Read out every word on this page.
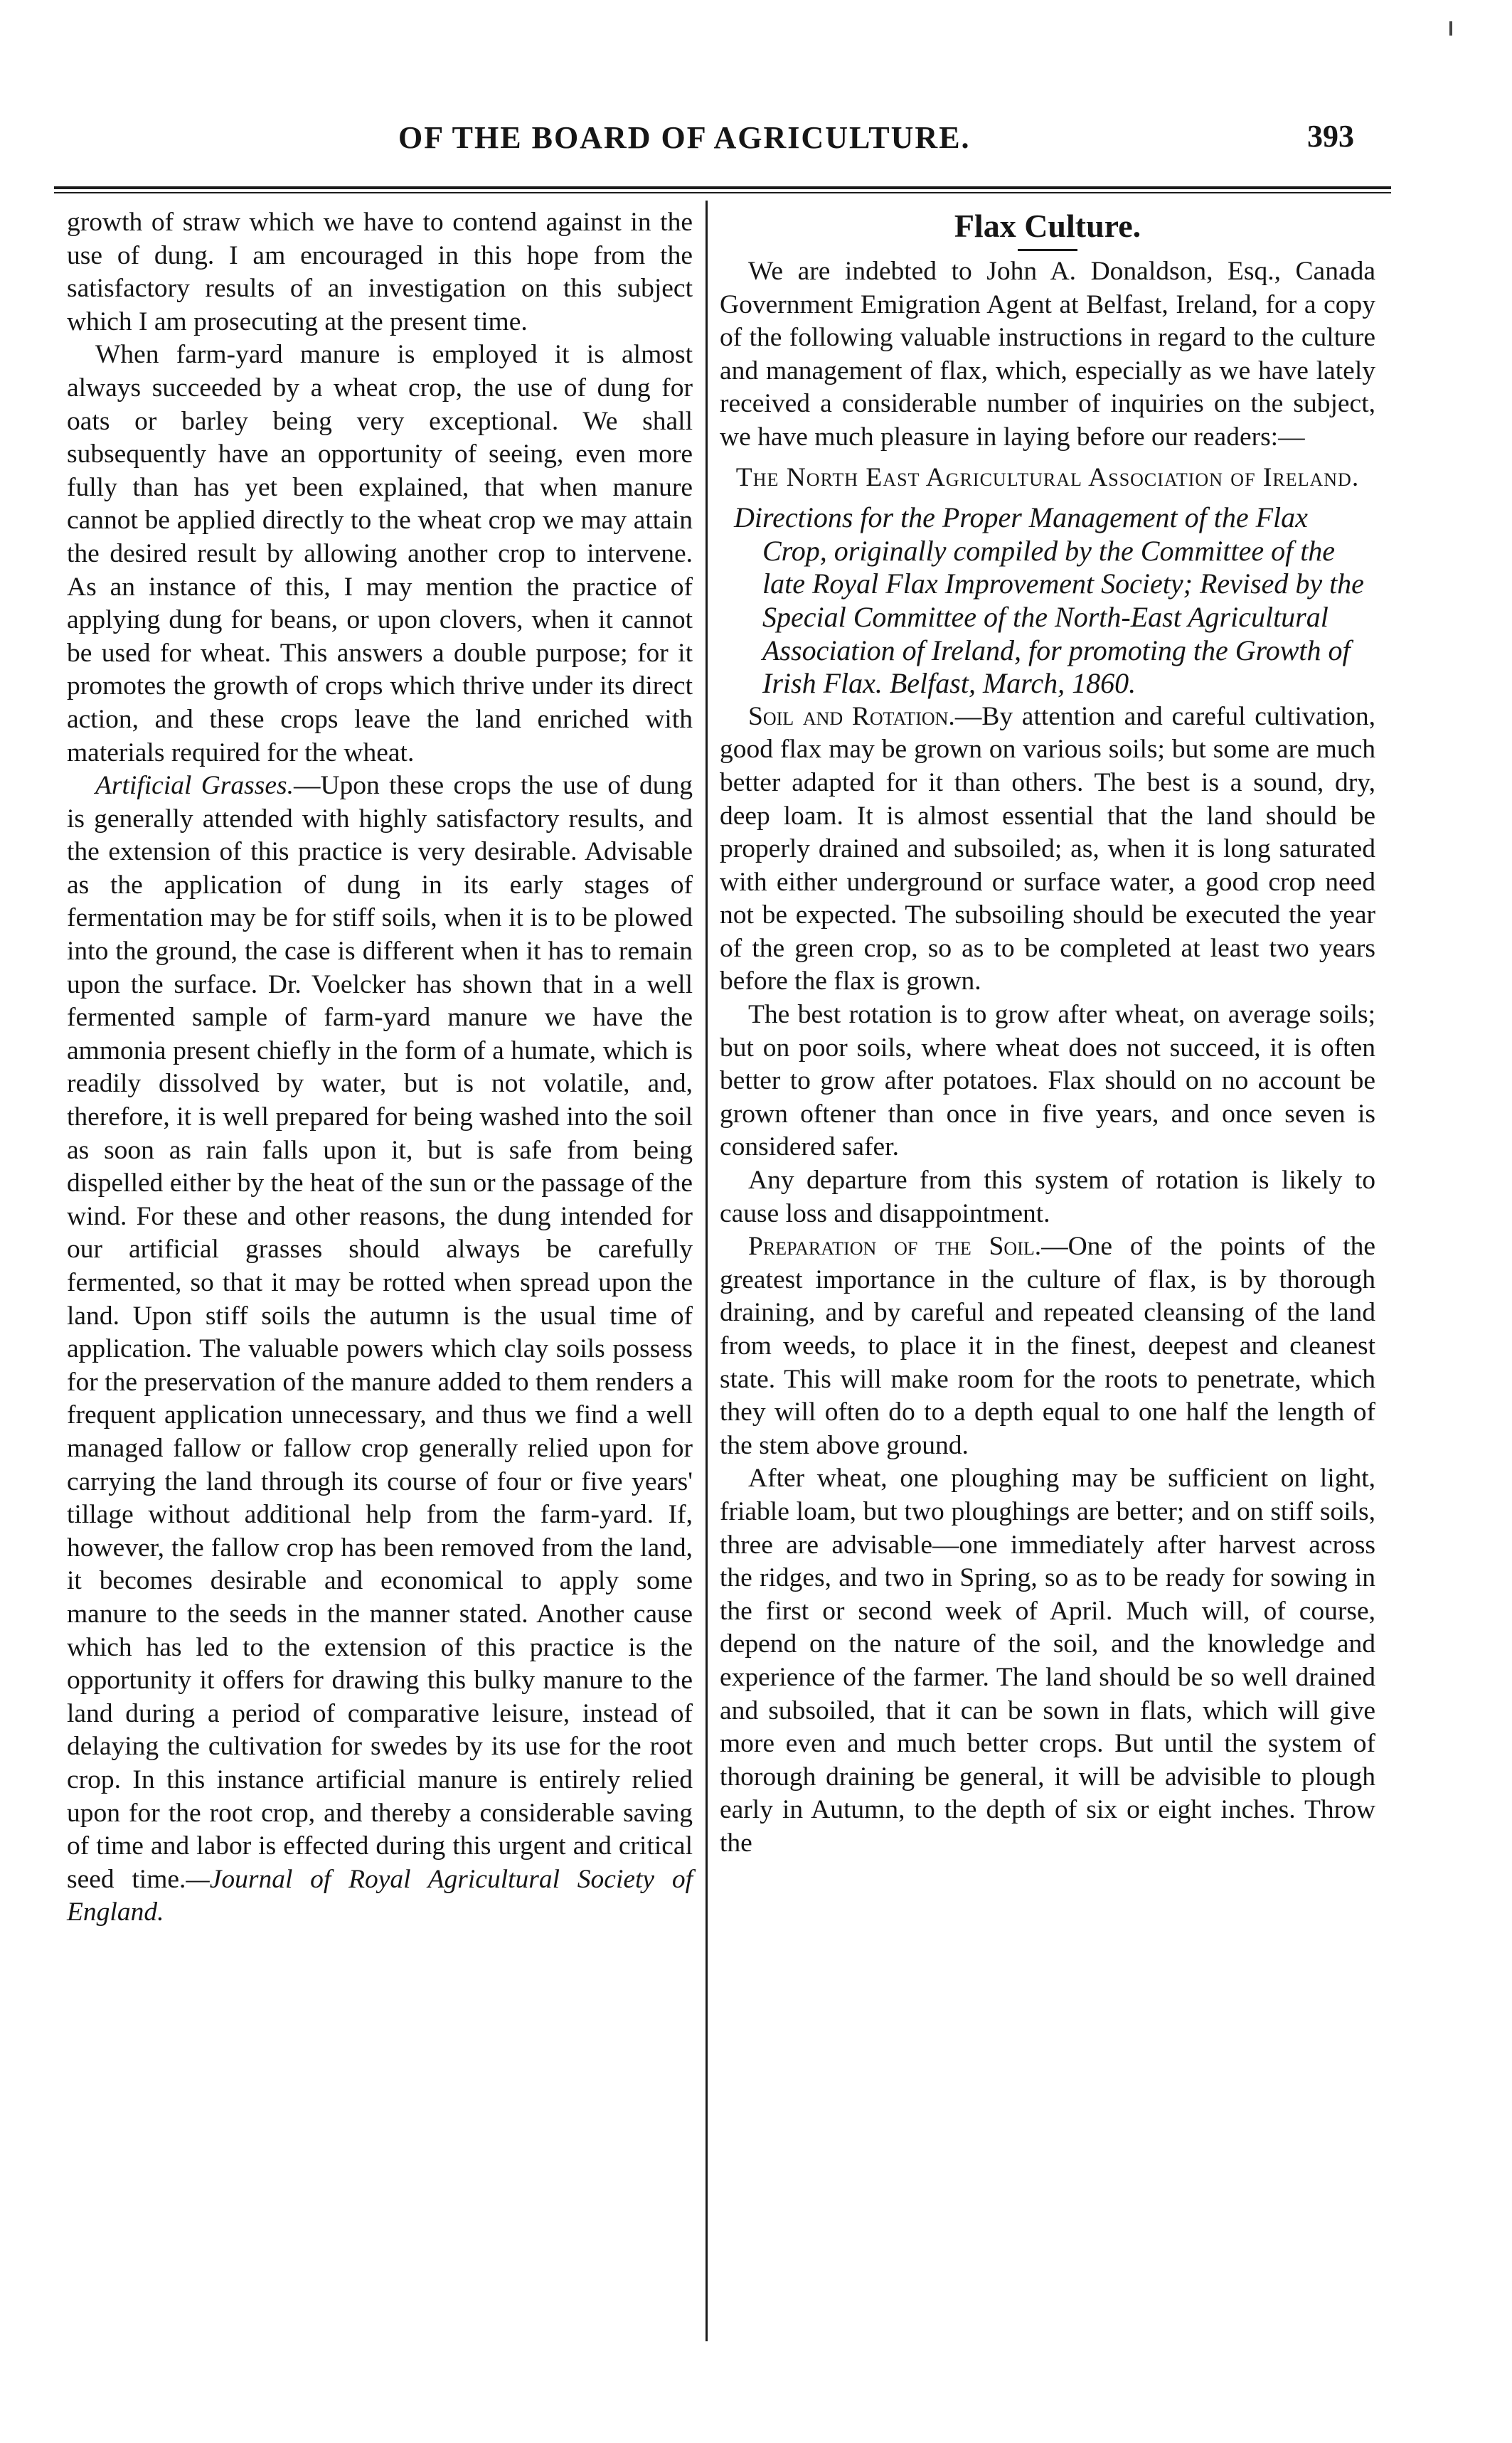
OF THE BOARD OF AGRICULTURE.	393

growth of straw which we have to contend against in the use of dung. I am encouraged in this hope from the satisfactory results of an investigation on this subject which I am prosecuting at the present time.

When farm-yard manure is employed it is almost always succeeded by a wheat crop, the use of dung for oats or barley being very exceptional. We shall subsequently have an opportunity of seeing, even more fully than has yet been explained, that when manure cannot be applied directly to the wheat crop we may attain the desired result by allowing another crop to intervene. As an instance of this, I may mention the practice of applying dung for beans, or upon clovers, when it cannot be used for wheat. This answers a double purpose; for it promotes the growth of crops which thrive under its direct action, and these crops leave the land enriched with materials required for the wheat.

Artificial Grasses.—Upon these crops the use of dung is generally attended with highly satisfactory results, and the extension of this practice is very desirable. Advisable as the application of dung in its early stages of fermentation may be for stiff soils, when it is to be plowed into the ground, the case is different when it has to remain upon the surface. Dr. Voelcker has shown that in a well fermented sample of farm-yard manure we have the ammonia present chiefly in the form of a humate, which is readily dissolved by water, but is not volatile, and, therefore, it is well prepared for being washed into the soil as soon as rain falls upon it, but is safe from being dispelled either by the heat of the sun or the passage of the wind. For these and other reasons, the dung intended for our artificial grasses should always be carefully fermented, so that it may be rotted when spread upon the land. Upon stiff soils the autumn is the usual time of application. The valuable powers which clay soils possess for the preservation of the manure added to them renders a frequent application unnecessary, and thus we find a well managed fallow or fallow crop generally relied upon for carrying the land through its course of four or five years' tillage without additional help from the farm-yard. If, however, the fallow crop has been removed from the land, it becomes desirable and economical to apply some manure to the seeds in the manner stated. Another cause which has led to the extension of this practice is the opportunity it offers for drawing this bulky manure to the land during a period of comparative leisure, instead of delaying the cultivation for swedes by its use for the root crop. In this instance artificial manure is entirely relied upon for the root crop, and thereby a considerable saving of time and labor is effected during this urgent and critical seed time.—Journal of Royal Agricultural Society of England.

Flax Culture.

We are indebted to John A. Donaldson, Esq., Canada Government Emigration Agent at Belfast, Ireland, for a copy of the following valuable instructions in regard to the culture and management of flax, which, especially as we have lately received a considerable number of inquiries on the subject, we have much pleasure in laying before our readers:—

The North East Agricultural Association of Ireland.

Directions for the Proper Management of the Flax Crop, originally compiled by the Committee of the late Royal Flax Improvement Society; Revised by the Special Committee of the North-East Agricultural Association of Ireland, for promoting the Growth of Irish Flax. Belfast, March, 1860.

Soil and Rotation.—By attention and careful cultivation, good flax may be grown on various soils; but some are much better adapted for it than others. The best is a sound, dry, deep loam. It is almost essential that the land should be properly drained and subsoiled; as, when it is long saturated with either underground or surface water, a good crop need not be expected. The subsoiling should be executed the year of the green crop, so as to be completed at least two years before the flax is grown.

The best rotation is to grow after wheat, on average soils; but on poor soils, where wheat does not succeed, it is often better to grow after potatoes. Flax should on no account be grown oftener than once in five years, and once seven is considered safer.

Any departure from this system of rotation is likely to cause loss and disappointment.

Preparation of the Soil.—One of the points of the greatest importance in the culture of flax, is by thorough draining, and by careful and repeated cleansing of the land from weeds, to place it in the finest, deepest and cleanest state. This will make room for the roots to penetrate, which they will often do to a depth equal to one half the length of the stem above ground.

After wheat, one ploughing may be sufficient on light, friable loam, but two ploughings are better; and on stiff soils, three are advisable—one immediately after harvest across the ridges, and two in Spring, so as to be ready for sowing in the first or second week of April. Much will, of course, depend on the nature of the soil, and the knowledge and experience of the farmer. The land should be so well drained and subsoiled, that it can be sown in flats, which will give more even and much better crops. But until the system of thorough draining be general, it will be advisible to plough early in Autumn, to the depth of six or eight inches. Throw the
